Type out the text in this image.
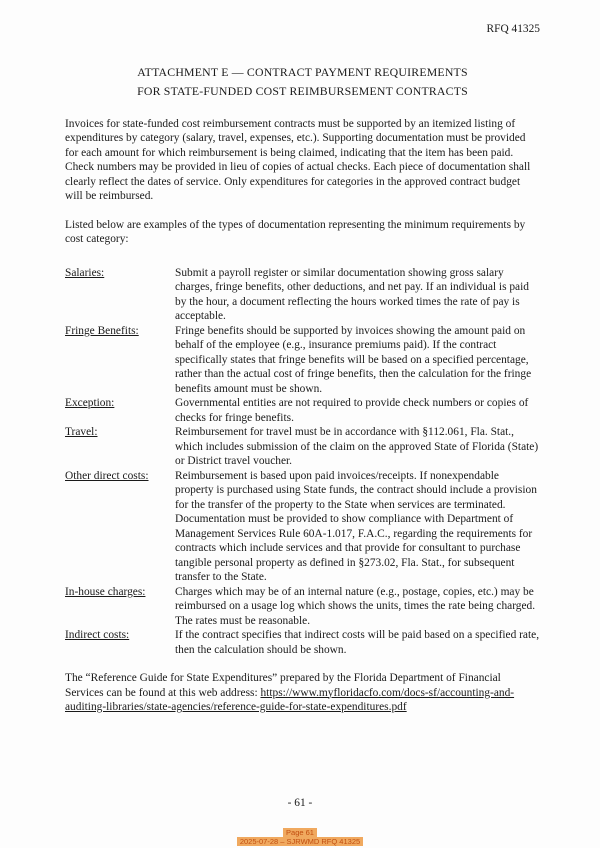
RFQ 41325
ATTACHMENT E — CONTRACT PAYMENT REQUIREMENTS
FOR STATE-FUNDED COST REIMBURSEMENT CONTRACTS

Invoices for state-funded cost reimbursement contracts must be supported by an itemized listing of expenditures by category (salary, travel, expenses, etc.). Supporting documentation must be provided for each amount for which reimbursement is being claimed, indicating that the item has been paid. Check numbers may be provided in lieu of copies of actual checks. Each piece of documentation shall clearly reflect the dates of service. Only expenditures for categories in the approved contract budget will be reimbursed.

Listed below are examples of the types of documentation representing the minimum requirements by cost category:

Salaries:	Submit a payroll register or similar documentation showing gross salary charges, fringe benefits, other deductions, and net pay. If an individual is paid by the hour, a document reflecting the hours worked times the rate of pay is acceptable.
Fringe Benefits:	Fringe benefits should be supported by invoices showing the amount paid on behalf of the employee (e.g., insurance premiums paid). If the contract specifically states that fringe benefits will be based on a specified percentage, rather than the actual cost of fringe benefits, then the calculation for the fringe benefits amount must be shown.
Exception:	Governmental entities are not required to provide check numbers or copies of checks for fringe benefits.
Travel:	Reimbursement for travel must be in accordance with §112.061, Fla. Stat., which includes submission of the claim on the approved State of Florida (State) or District travel voucher.
Other direct costs:	Reimbursement is based upon paid invoices/receipts. If nonexpendable property is purchased using State funds, the contract should include a provision for the transfer of the property to the State when services are terminated. Documentation must be provided to show compliance with Department of Management Services Rule 60A-1.017, F.A.C., regarding the requirements for contracts which include services and that provide for consultant to purchase tangible personal property as defined in §273.02, Fla. Stat., for subsequent transfer to the State.
In-house charges:	Charges which may be of an internal nature (e.g., postage, copies, etc.) may be reimbursed on a usage log which shows the units, times the rate being charged. The rates must be reasonable.
Indirect costs:	If the contract specifies that indirect costs will be paid based on a specified rate, then the calculation should be shown.

The “Reference Guide for State Expenditures” prepared by the Florida Department of Financial Services can be found at this web address: https://www.myfloridacfo.com/docs-sf/accounting-and-auditing-libraries/state-agencies/reference-guide-for-state-expenditures.pdf

- 61 -
Page 61
2025-07-28 – SJRWMD RFQ 41325
